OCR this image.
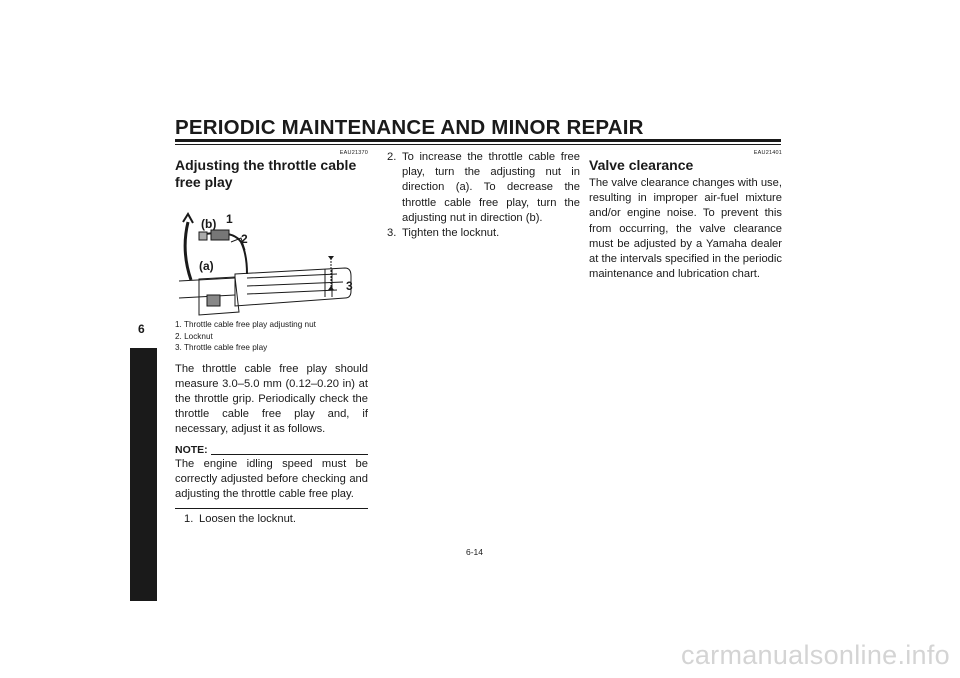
PERIODIC MAINTENANCE AND MINOR REPAIR
6
EAU21370
Adjusting the throttle cable free play
(b) 1
2
(a)
3
1. Throttle cable free play adjusting nut
2. Locknut
3. Throttle cable free play

The throttle cable free play should measure 3.0–5.0 mm (0.12–0.20 in) at the throttle grip. Periodically check the throttle cable free play and, if necessary, adjust it as follows.

NOTE:
The engine idling speed must be correctly adjusted before checking and adjusting the throttle cable free play.
1. Loosen the locknut.
2. To increase the throttle cable free play, turn the adjusting nut in direction (a). To decrease the throttle cable free play, turn the adjusting nut in direction (b).
3. Tighten the locknut.
EAU21401
Valve clearance

The valve clearance changes with use, resulting in improper air-fuel mixture and/or engine noise. To prevent this from occurring, the valve clearance must be adjusted by a Yamaha dealer at the intervals specified in the periodic maintenance and lubrication chart.

6-14
carmanualsonline.info
